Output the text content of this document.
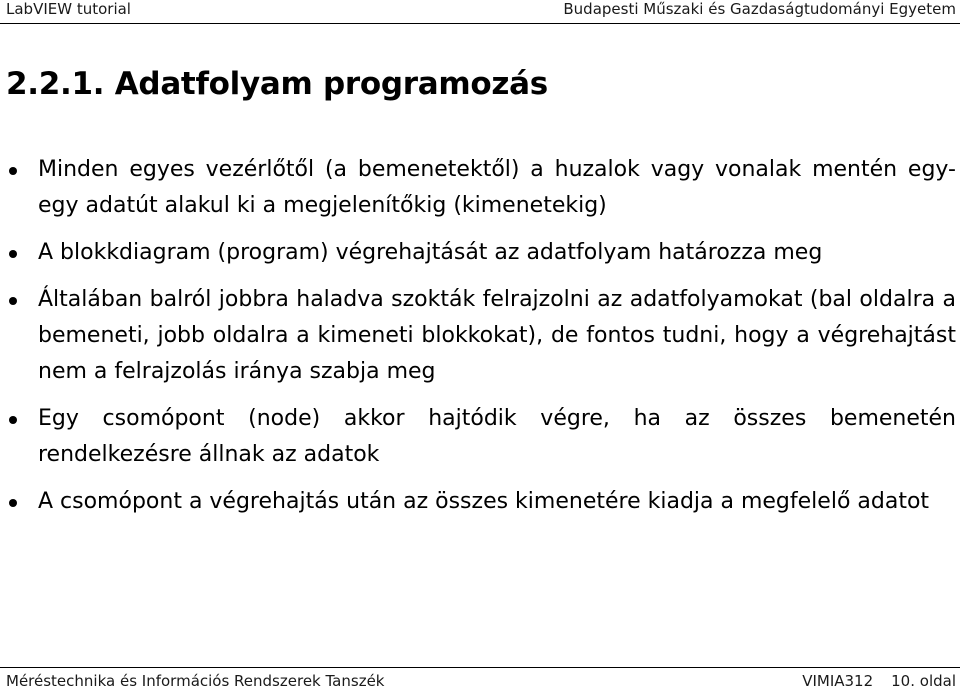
LabVIEW tutorial	Budapesti Műszaki és Gazdaságtudományi Egyetem
2.2.1. Adatfolyam programozás
Minden egyes vezérlőtől (a bemenetektől) a huzalok vagy vonalak mentén egy-egy adatút alakul ki a megjelenítőkig (kimenetekig)
A blokkdiagram (program) végrehajtását az adatfolyam határozza meg
Általában balról jobbra haladva szokták felrajzolni az adatfolyamokat (bal oldalra a bemeneti, jobb oldalra a kimeneti blokkokat), de fontos tudni, hogy a végrehajtást nem a felrajzolás iránya szabja meg
Egy csomópont (node) akkor hajtódik végre, ha az összes bemenetén rendelkezésre állnak az adatok
A csomópont a végrehajtás után az összes kimenetére kiadja a megfelelő adatot
Méréstechnika és Információs Rendszerek Tanszék	VIMIA312 10. oldal
